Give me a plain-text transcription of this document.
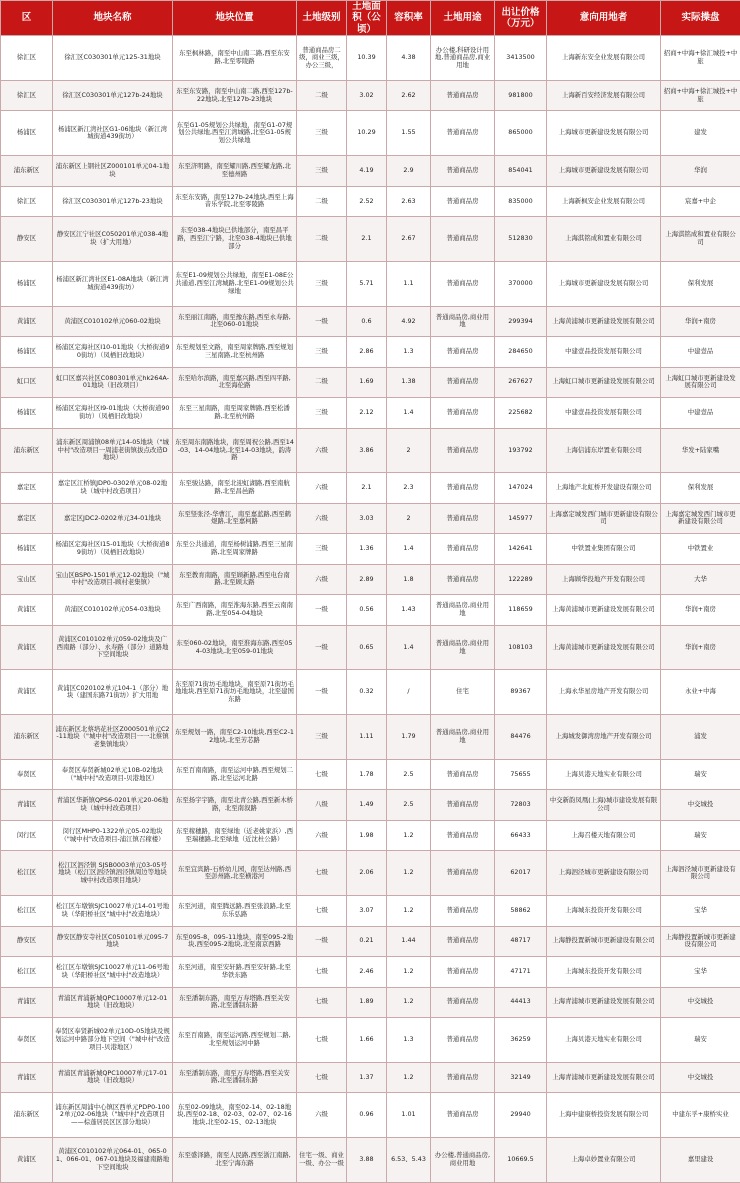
区	地块名称	地块位置	土地级别	土地面积（公顷）	容积率	土地用途	出让价格（万元）	意向用地者	实际操盘
徐汇区	徐汇区C030301单元125-31地块	东至枫林路，南至中山南二路,西至东安路,北至零陵路	普通商品房二级，商业三级，办公三级，	10.39	4.38	办公楼,科研设计用地,普通商品房,商业用地	3413500	上海新东安全业发展有限公司	招商+中海+徐汇城投+中旅
徐汇区	徐汇区C030301单元127b-24地块	东至东安路，南至中山南二路,西至127b-22地块,北至127b-23地块	二级	3.02	2.62	普通商品房	981800	上海新百安经济发展有限公司	招商+中海+徐汇城投+中旅
杨浦区	杨浦区新江湾社区G1-06地块（新江湾城街道439街坊）	东至G1-05规划公共绿地，南至G1-07规划公共绿地,西至江湾城路,北至G1-05规划公共绿地	三级	10.29	1.55	普通商品房	865000	上海城市更新建设发展有限公司	建发
浦东新区	浦东新区上钢社区Z000101单元04-1地块	东至济明路，南至耀川路,西至耀龙路,北至德州路	三级	4.19	2.9	普通商品房	854041	上海城市更新建设发展有限公司	华润
徐汇区	徐汇区C030301单元127b-23地块	东至东安路，南至127b-24地块,西至上海音乐学院,北至零陵路	二级	2.52	2.63	普通商品房	835000	上海新枫安企业发展有限公司	宸嘉+中企
静安区	静安区江宁社区C050201单元038-4地块（扩大用地）	东至038-4地块已供地部分，南至昌平路，西至江宁路，北至038-4地块已供地部分	二级	2.1	2.67	普通商品房	512830	上海淇铭成和置业有限公司	上海淇铭成和置业有限公司
杨浦区	杨浦区新江湾社区E1-08A地块（新江湾城街道439街坊）	东至E1-09规划公共绿地，南至E1-08E公共通道,西至江湾城路,北至E1-09规划公共绿地	三级	5.71	1.1	普通商品房	370000	上海城市更新建设发展有限公司	保利发展
黄浦区	黄浦区C010102单元060-02地块	东至丽江南路，南至豫东路,西至永寿路,北至060-01地块	一级	0.6	4.92	普通商品房,商业用地	299394	上海黄浦城市更新建设发展有限公司	华润+南房
杨浦区	杨浦区定海社区I10-01地块（大桥街道90街坊）（凤栖旧改地块）	东至规划至文路，南至周家牌路,西至规划三星南路,北至杭州路	三级	2.86	1.3	普通商品房	284650	中建壹品投资发展有限公司	中建壹品
虹口区	虹口区嘉兴社区C080301单元hk264A-01地块（旧改项目）	东至哈尔滨路，南至嘉兴路,西至四平路,北至海伦路	二级	1.69	1.38	普通商品房	267627	上海虹口城市更新建设发展有限公司	上海虹口城市更新建设发展有限公司
杨浦区	杨浦区定海社区I9-01地块（大桥街道90街坊）（凤栖旧改地块）	东至三星南路，南至周家牌路,西至松潘路,北至杭州路	三级	2.12	1.4	普通商品房	225682	中建壹品投资发展有限公司	中建壹品
浦东新区	浦东新区周浦镇08单元14-05地块（"城中村"改造项目一周浦老街镇拔点改造D地块）	东至周东南路地块，南至周祝公路,西至14-03、14-04地块,北至14-03地块，韵涛路	六级	3.86	2	普通商品房	193792	上海信浦东岸置业有限公司	华发+陆家嘴
嘉定区	嘉定区江桥镇JDP0-0302单元08-02地块（城中村改造项目）	东至骏达路，南至北迎虹湖路,西至南航路,北至昌邑路	六级	2.1	2.3	普通商品房	147024	上海地产北虹桥开发建设有限公司	保利发展
嘉定区	嘉定区JDC2-0202单元34-01地块	东至竖张泾-华曹江，南至嘉蓝路,西至鹤煜路,北至嘉柯路	六级	3.03	2	普通商品房	145977	上海嘉定城发西门城市更新建设有限公司	上海嘉定城发西门城市更新建设有限公司
杨浦区	杨浦区定海社区I15-01地块（大桥街道89街坊）（凤栖旧改地块）	东至公共通道，南至杨树浦路,西至三星南路,北至周家牌路	三级	1.36	1.4	普通商品房	142641	中铁置业集团有限公司	中铁置业
宝山区	宝山区BSP0-1501单元12-02地块（"城中村"改造项目-顾村老集镇）	东至教育南路，南至顾新路,西至电台南路,北至顾太路	六级	2.89	1.8	普通商品房	122289	上海顾华投地产开发有限公司	大华
黄浦区	黄浦区C010102单元054-03地块	东至广西南路，南至淮海东路,西至云南南路,北至054-04地块	一级	0.56	1.43	普通商品房,商业用地	118659	上海黄浦城市更新建设发展有限公司	华润+南房
黄浦区	黄浦区C010102单元059-02地块及广西南路（部分）、永寿路（部分）道路地下空间地块	东至060-02地块，南至淮海东路,西至054-03地块,北至059-01地块	一级	0.65	1.4	普通商品房,商业用地	108103	上海黄浦城市更新建设发展有限公司	华润+南房
黄浦区	黄浦区C020102单元104-1（部分）地块（建国东路71街坊）扩大用地	东至原71街坊毛地地块，南至原71街坊毛地地块,西至原71街坊毛地地块，北至建国东路	一级	0.32	/	住宅	89367	上海永华星房地产开发有限公司	永业+中海
浦东新区	浦东新区北蔡培花社区Z000501单元C2-11地块（"城中村"改造项目一一北蔡镇老集镇地块）	东至规划一路，南至C2-10地块,西至C2-12地块,北至芳芯路	三级	1.11	1.79	普通商品房,商业用地	84476	上海城发御湾房地产开发有限公司	浦发
奉贤区	奉贤区奉贤新城02单元10B-02地块（"城中村"改造项目-贝港地区）	东至百南南路，南至运河中路,西至规划二路,北至运河北路	七级	1.78	2.5	普通商品房	75655	上海贝港天地实业有限公司	瑞安
青浦区	青浦区华新镇QPS6-0201单元20-06地块（城中村改造项目）	东至扬宇宇路，南至北青公路,西至新木桥路，北至南叙路	八级	1.49	2.5	普通商品房	72803	中交新韵凤凰(上海)城市建设发展有限公司	中交城投
闵行区	闵行区MHP0-1322单元05-02地块（"城中村"改造项目-浦江镇召稼楼）	东至稼穗路，南至绿地（近老姚家浜）,西至瑞穗路,北至绿地（近沈杜公路）	六级	1.98	1.2	普通商品房	66433	上海召楼天地有限公司	瑞安
松江区	松江区泗泾镇 SJSB0003单元03-05号地块（松江区泗泾镇泗泾镇周边等地块城中村改造项目地块）	东至宜宾路-石桥幼儿园，南至达州路,西至彭州路,北至横港河	七级	2.06	1.2	普通商品房	62017	上海泗泾城市更新建设有限公司	上海泗泾城市更新建设有限公司
松江区	松江区车墩镇SJC10027单元14-01号地块（华阳桥社区"城中村"改造地块）	东至河道，南至腾远路,西至张浪路,北至东乐弘路	七级	3.07	1.2	普通商品房	58862	上海城东投资开发有限公司	宝华
静安区	静安区静安寺社区C050101单元095-7地块	东至095-8、095-11地块，南至095-2地块,西至095-2地块,北至南京西路	一级	0.21	1.44	普通商品房	48717	上海静投置新城市更新建设有限公司	上海静投置新城市更新建设有限公司
松江区	松江区车墩镇SJC10027单元11-06号地块（华阳桥社区"城中村"改造地块）	东至河道，南至安轩路,西至安轩路,北至华铁东路	七级	2.46	1.2	普通商品房	47171	上海城东投资开发有限公司	宝华
青浦区	青浦区青浦新城QPC10007单元12-01地块（旧改地块）	东至潘制东路，南至万寿塔路,西至关安路,北至潘制东路	七级	1.89	1.2	普通商品房	44413	上海青浦城市更新建设发展有限公司	中交城投
奉贤区	奉贤区奉贤新城02单元10D-05地块及规划运河中路部分地下空间（"城中村"改造项目-贝港地区）	东至百南路，南至运河路,西至规划二路,北至规划运河中路	七级	1.66	1.3	普通商品房	36259	上海贝港天地实业有限公司	瑞安
青浦区	青浦区青浦新城QPC10007单元17-01地块（旧改地块）	东至潘制东路，南至万寿塔路,西至关安路,北至潘制东路	七级	1.37	1.2	普通商品房	32149	上海青浦城市更新建设发展有限公司	中交城投
浦东新区	浦东新区周浦中心镇区西单元PDP0-1002单元02-06地块（"城中村"改造项目——棕蓬居民区区部分地块）	东至02-09地块，南至02-14、02-18地块,西至02-18、02-03、02-07、02-16地块,北至02-15、02-13地块	六级	0.96	1.01	普通商品房	29940	上海中建康桥投资发展有限公司	中建东孚+康桥实业
黄浦区	黄浦区C010102单元064-01、065-01、066-01、067-01地块及福建南路地下空间地块	东至盛泽路，南至人民路,西至浙江南路,北至宁海东路	住宅一级、商业一级、办公一级	3.88	6.53、5.43	办公楼,普通商品房,商业用地	10669.5	上海卓妙置业有限公司	嘉里建设
